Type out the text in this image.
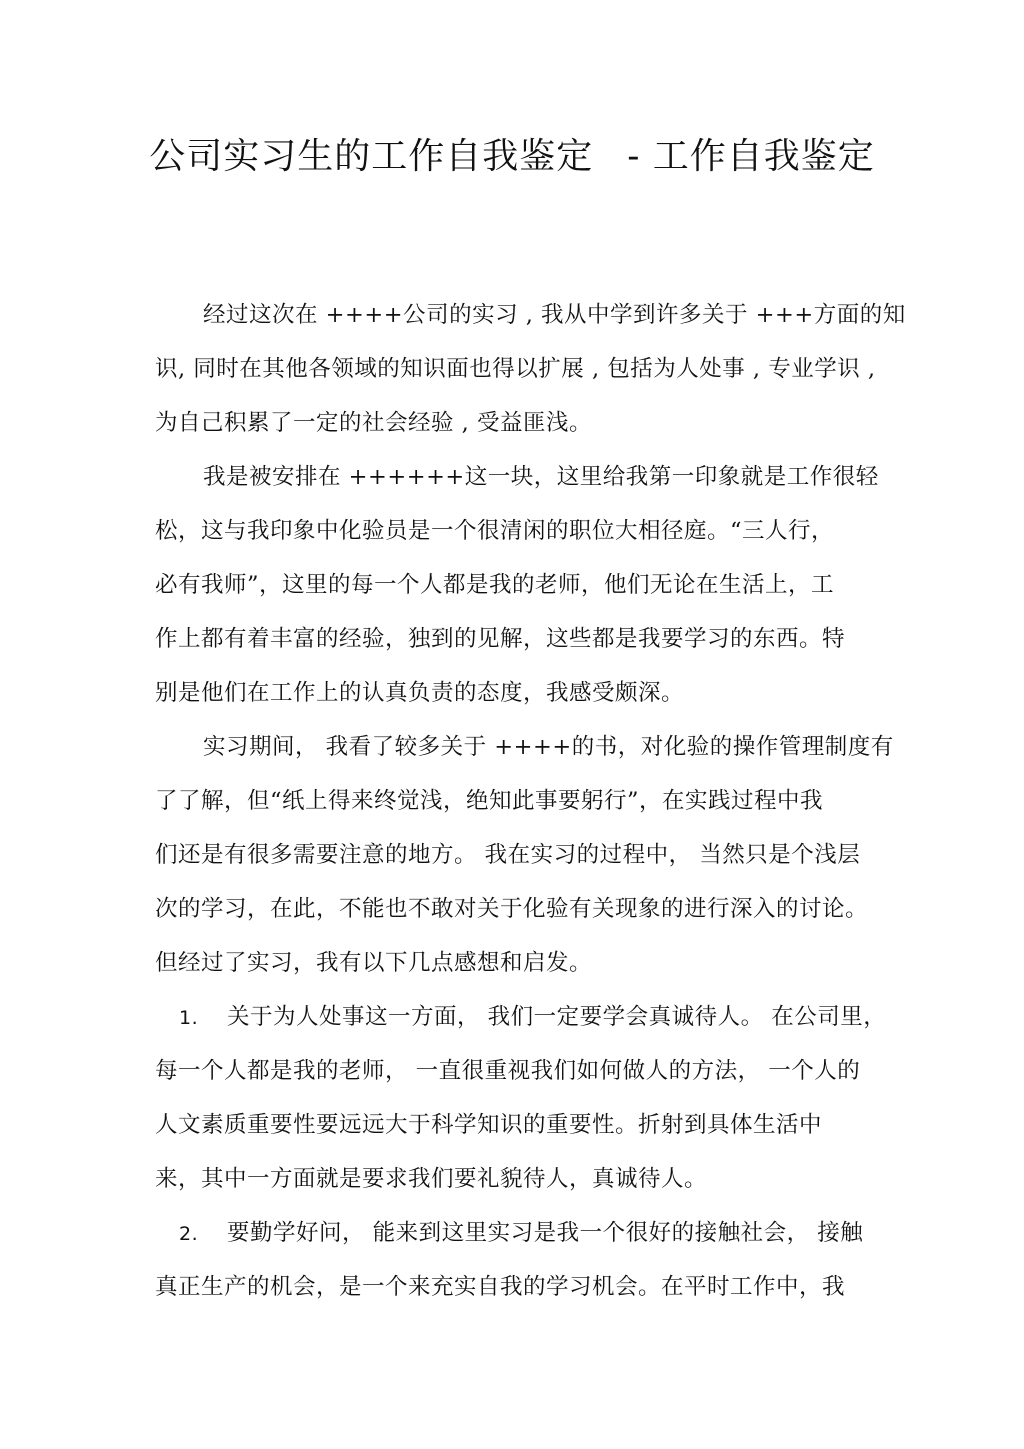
公司实习生的工作自我鉴定 - 工作自我鉴定
经过这次在 ++++公司的实习 , 我从中学到许多关于 +++方面的知
识, 同时在其他各领域的知识面也得以扩展 , 包括为人处事 , 专业学识 ,
为自己积累了一定的社会经验 , 受益匪浅。
我是被安排在 ++++++这一块，这里给我第一印象就是工作很轻
松，这与我印象中化验员是一个很清闲的职位大相径庭。“三人行，
必有我师”，这里的每一个人都是我的老师，他们无论在生活上，工
作上都有着丰富的经验，独到的见解，这些都是我要学习的东西。特
别是他们在工作上的认真负责的态度，我感受颇深。
实习期间， 我看了较多关于 ++++的书，对化验的操作管理制度有
了了解，但“纸上得来终觉浅，绝知此事要躬行”，在实践过程中我
们还是有很多需要注意的地方。 我在实习的过程中， 当然只是个浅层
次的学习，在此，不能也不敢对关于化验有关现象的进行深入的讨论。
但经过了实习，我有以下几点感想和启发。
1. 关于为人处事这一方面， 我们一定要学会真诚待人。 在公司里，
每一个人都是我的老师， 一直很重视我们如何做人的方法， 一个人的
人文素质重要性要远远大于科学知识的重要性。折射到具体生活中
来，其中一方面就是要求我们要礼貌待人，真诚待人。
2. 要勤学好问， 能来到这里实习是我一个很好的接触社会， 接触
真正生产的机会，是一个来充实自我的学习机会。在平时工作中，我
